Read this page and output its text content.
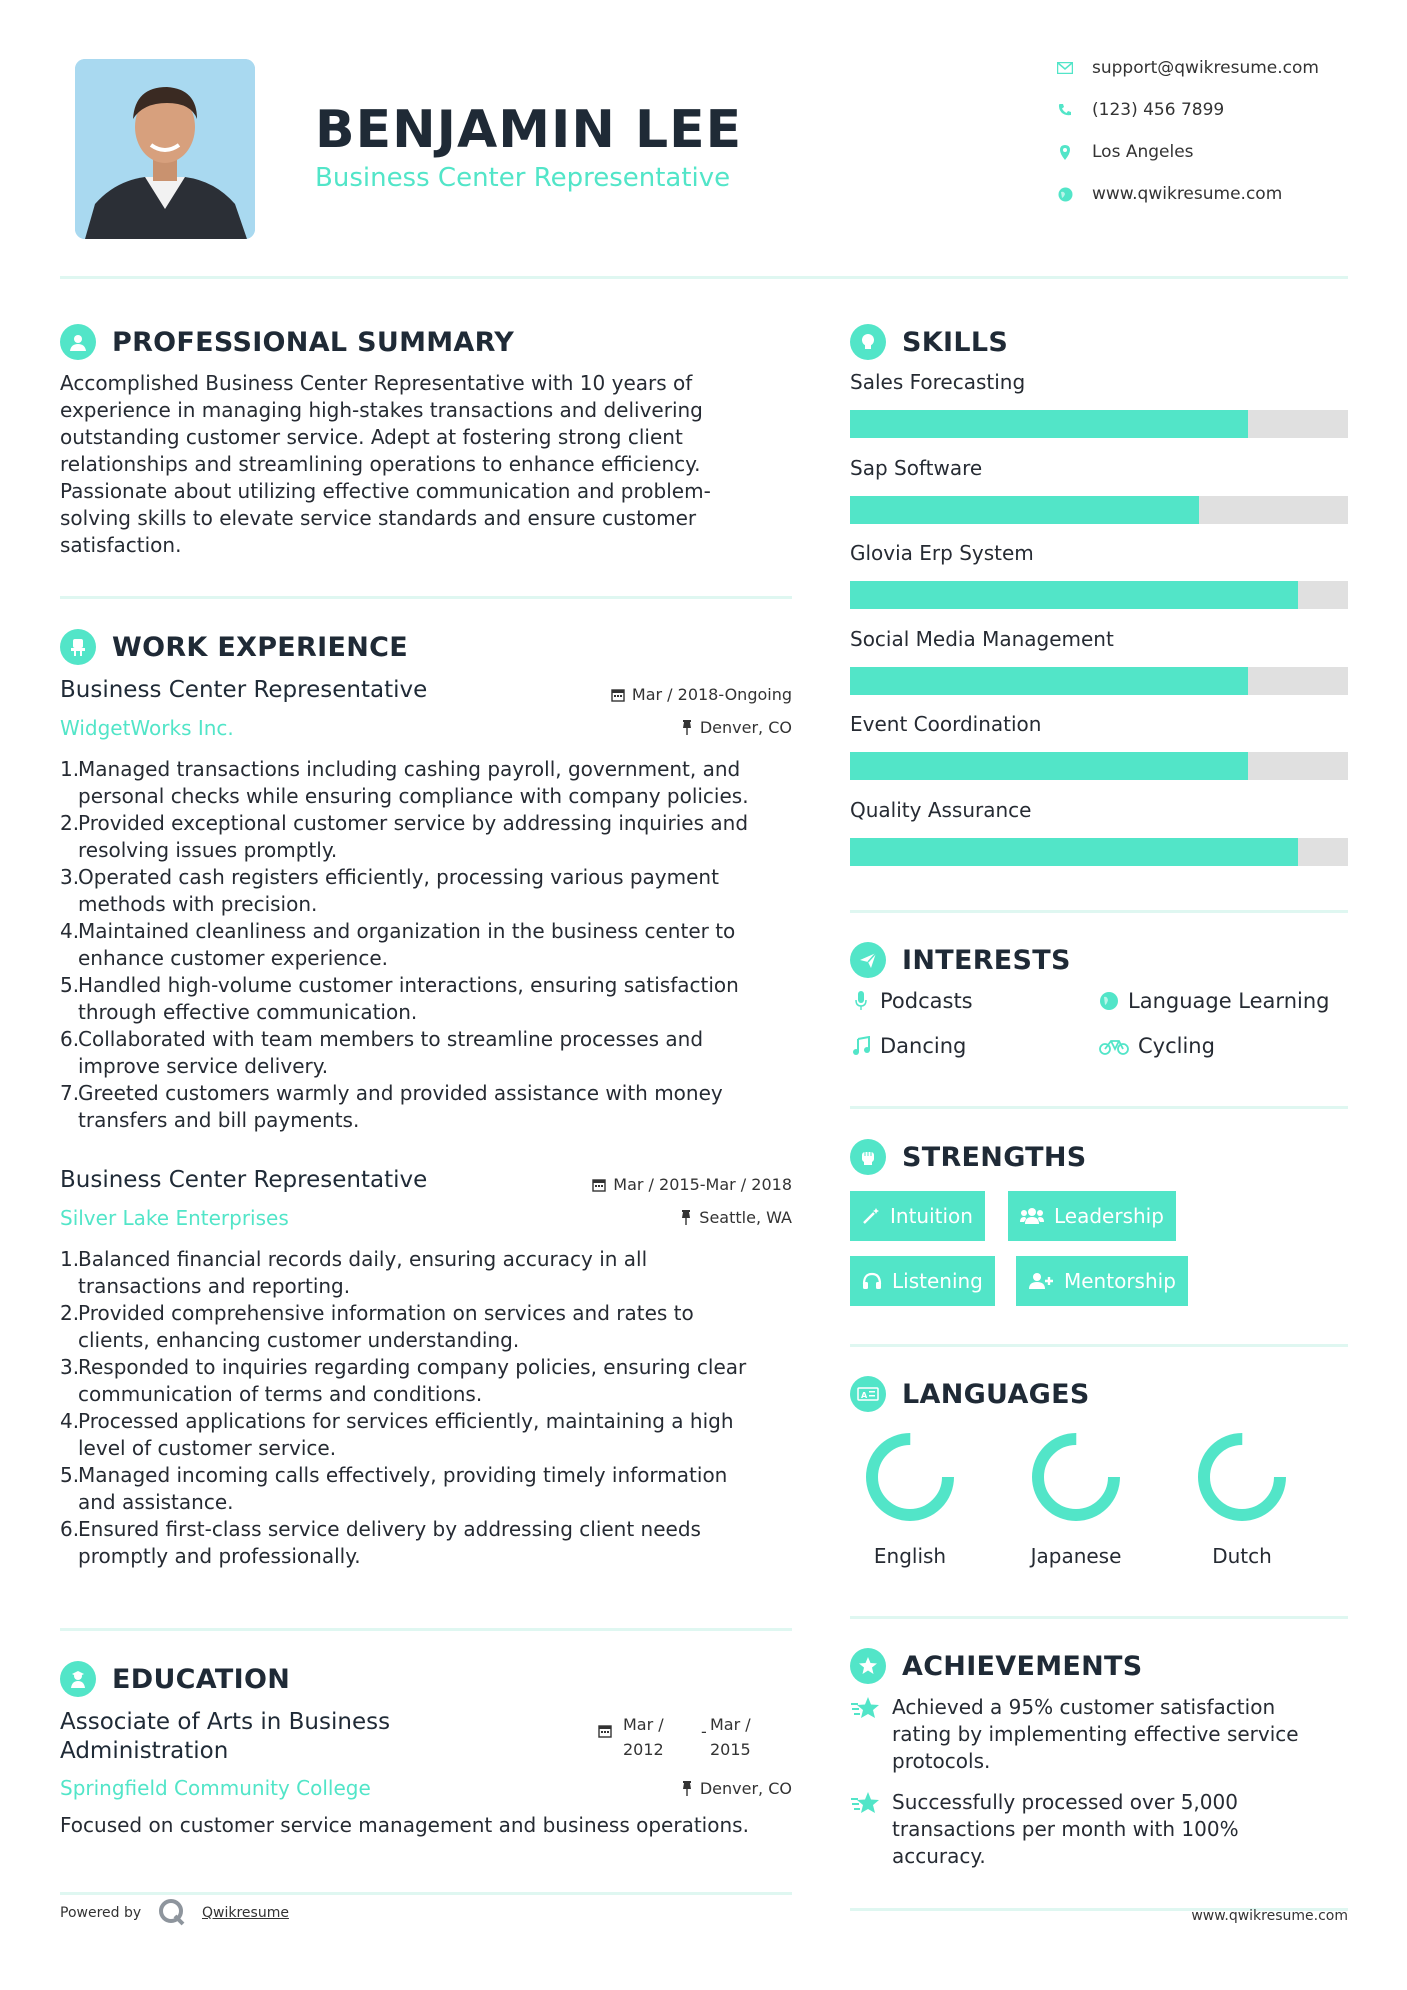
BENJAMIN LEE
Business Center Representative
support@qwikresume.com
(123) 456 7899
Los Angeles
www.qwikresume.com
PROFESSIONAL SUMMARY
Accomplished Business Center Representative with 10 years of
experience in managing high-stakes transactions and delivering
outstanding customer service. Adept at fostering strong client
relationships and streamlining operations to enhance efficiency.
Passionate about utilizing effective communication and problem-
solving skills to elevate service standards and ensure customer
satisfaction.
WORK EXPERIENCE
Business Center Representative	Mar / 2018-Ongoing
WidgetWorks Inc.	Denver, CO
1.
Managed transactions including cashing payroll, government, and
personal checks while ensuring compliance with company policies.
2.
Provided exceptional customer service by addressing inquiries and
resolving issues promptly.
3.
Operated cash registers efficiently, processing various payment
methods with precision.
4.
Maintained cleanliness and organization in the business center to
enhance customer experience.
5.
Handled high-volume customer interactions, ensuring satisfaction
through effective communication.
6.
Collaborated with team members to streamline processes and
improve service delivery.
7.
Greeted customers warmly and provided assistance with money
transfers and bill payments.
Business Center Representative	Mar / 2015-Mar / 2018
Silver Lake Enterprises	Seattle, WA
1.
Balanced financial records daily, ensuring accuracy in all
transactions and reporting.
2.
Provided comprehensive information on services and rates to
clients, enhancing customer understanding.
3.
Responded to inquiries regarding company policies, ensuring clear
communication of terms and conditions.
4.
Processed applications for services efficiently, maintaining a high
level of customer service.
5.
Managed incoming calls effectively, providing timely information
and assistance.
6.
Ensured first-class service delivery by addressing client needs
promptly and professionally.
EDUCATION
Associate of Arts in Business
Administration
Mar /
2012
- Mar /
2015
Springfield Community College	Denver, CO
Focused on customer service management and business operations.
Powered by	Qwikresume
SKILLS
Sales Forecasting
Sap Software
Glovia Erp System
Social Media Management
Event Coordination
Quality Assurance
INTERESTS
Podcasts	Language Learning
Dancing	Cycling
STRENGTHS
Intuition	Leadership
Listening	Mentorship
A LANGUAGES
English	Japanese	Dutch
ACHIEVEMENTS
Achieved a 95% customer satisfaction
rating by implementing effective service
protocols.
Successfully processed over 5,000
transactions per month with 100%
accuracy.
www.qwikresume.com
